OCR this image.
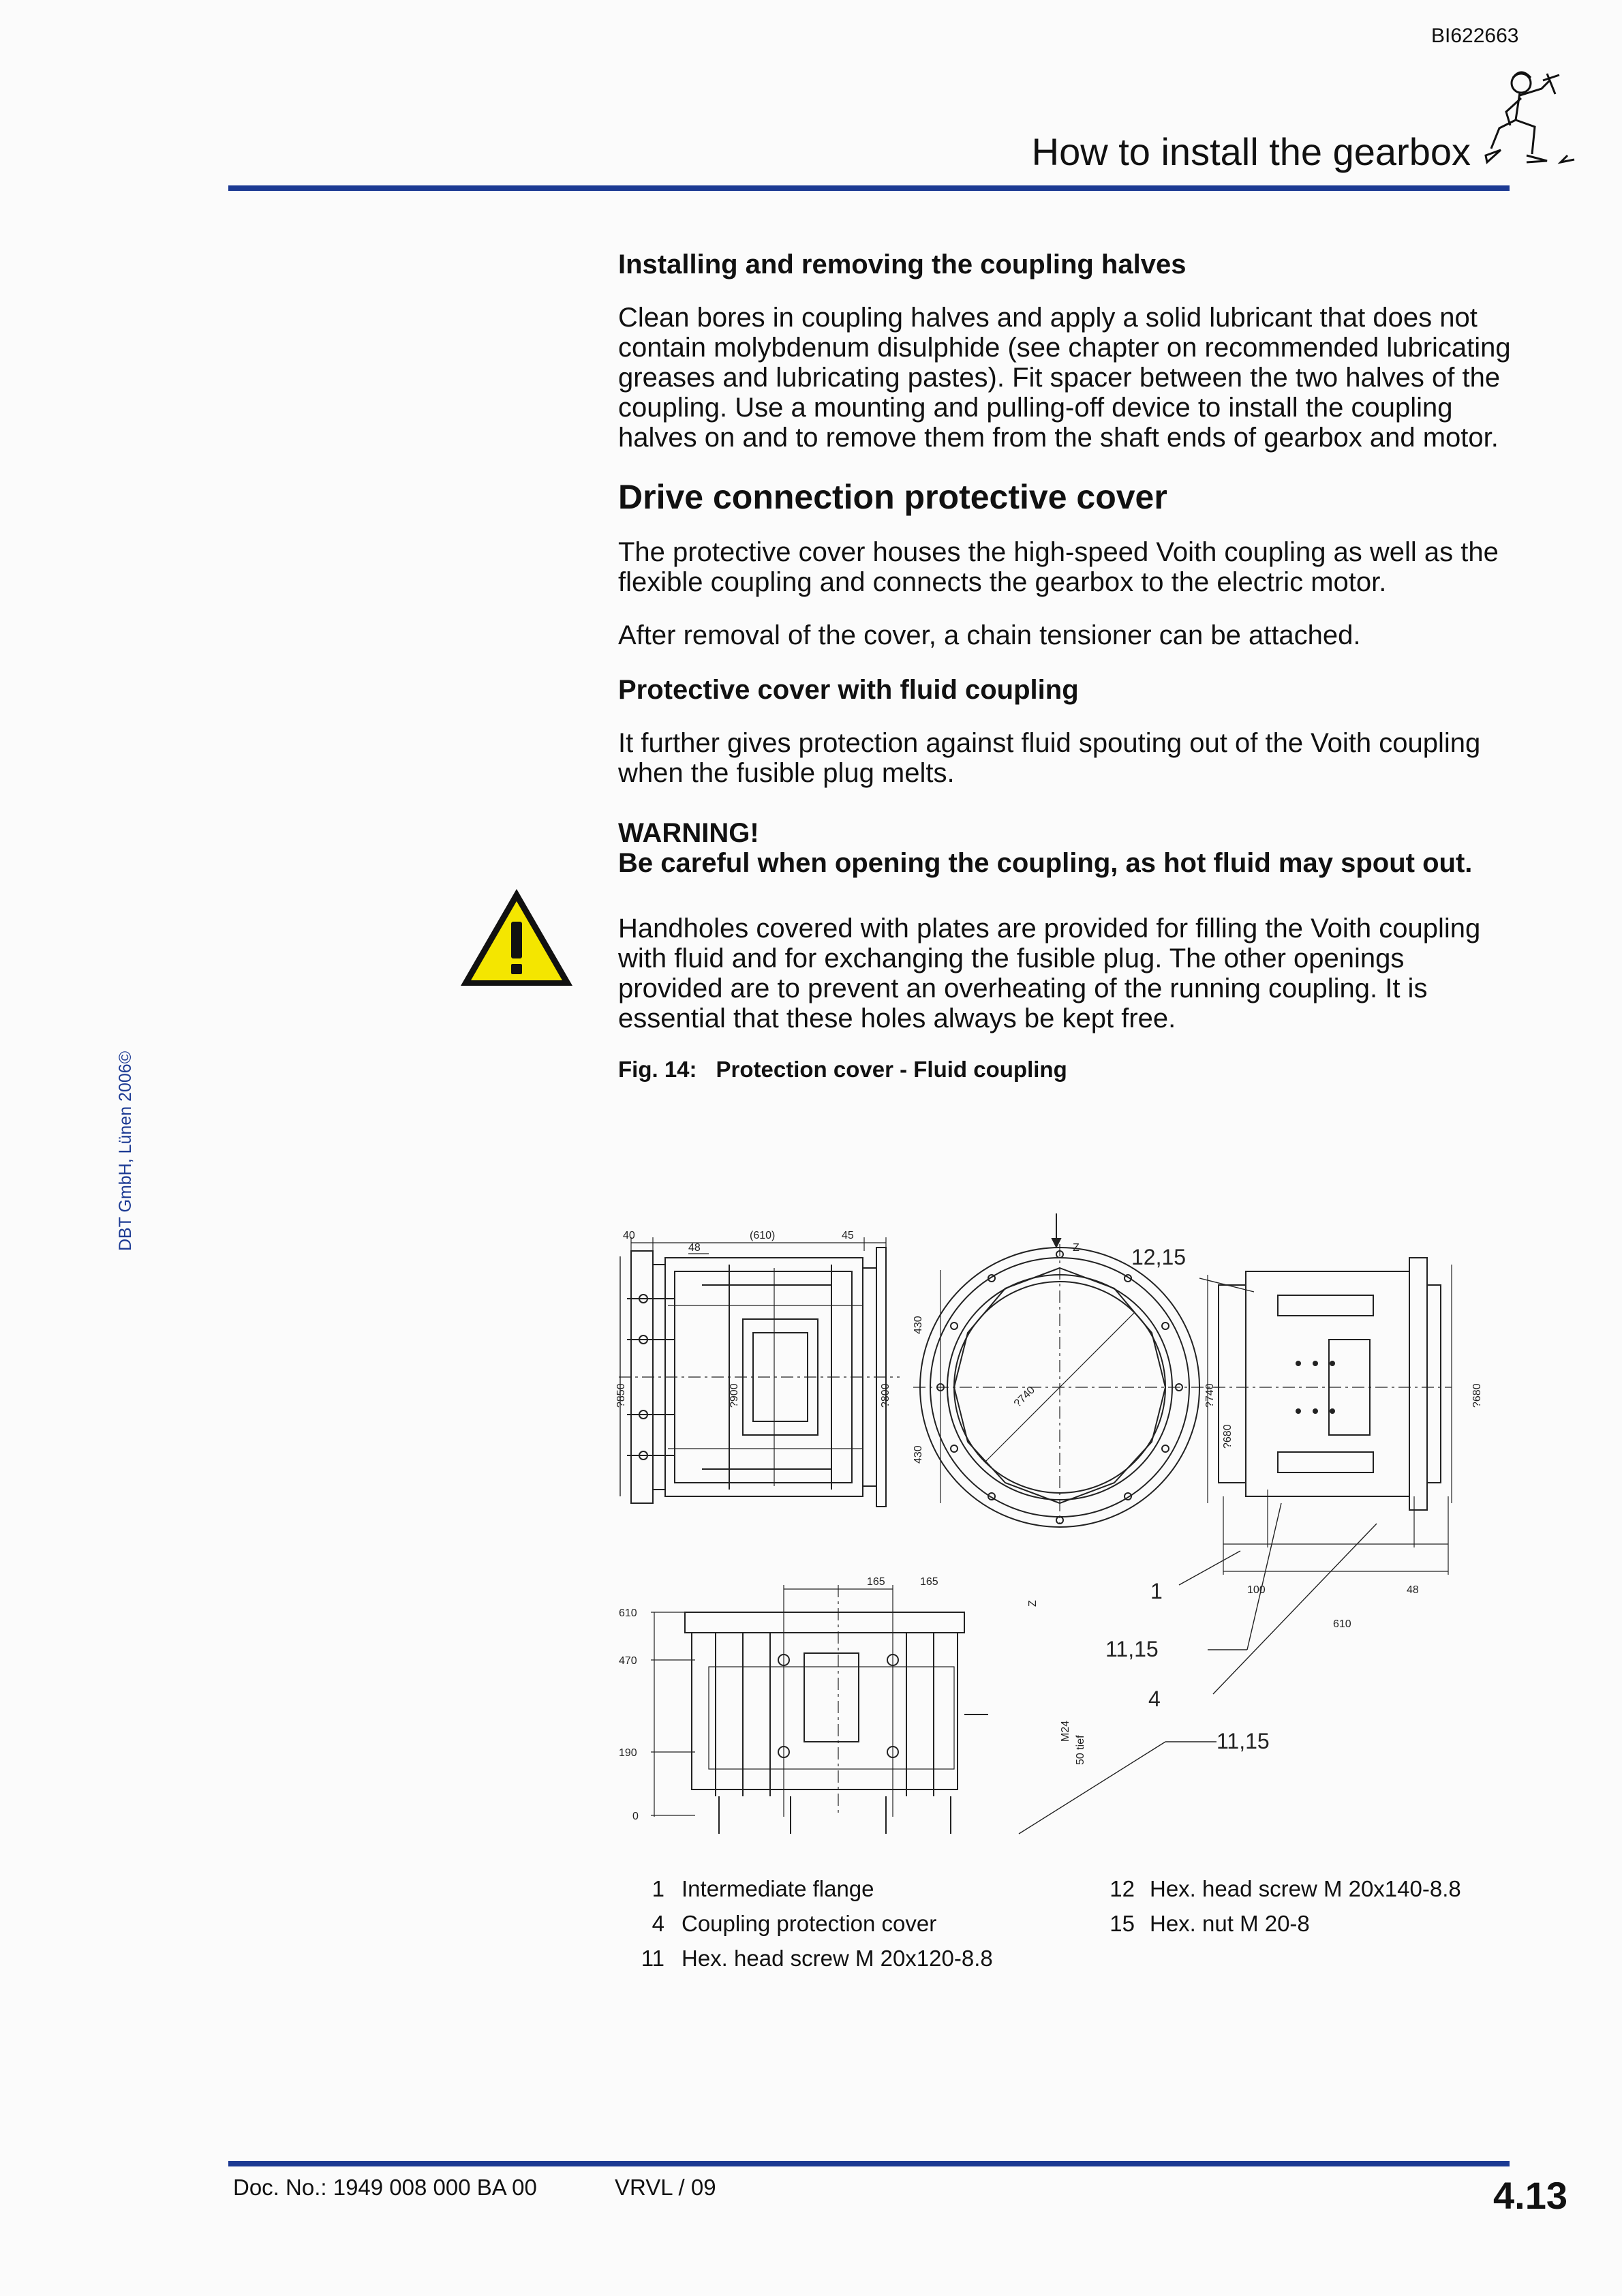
BI622663
How to install the gearbox
DBT GmbH, Lünen 2006©
Installing and removing the coupling halves

Clean bores in coupling halves and apply a solid lubricant that does not contain molybdenum disulphide (see chapter on recommended lubricating greases and lubricating pastes). Fit spacer between the two halves of the coupling. Use a mounting and pulling-off device to install the coupling halves on and to remove them from the shaft ends of gearbox and motor.

Drive connection protective cover

The protective cover houses the high-speed Voith coupling as well as the flexible coupling and connects the gearbox to the electric motor.

After removal of the cover, a chain tensioner can be attached.

Protective cover with fluid coupling

It further gives protection against fluid spouting out of the Voith coupling when the fusible plug melts.

WARNING!
Be careful when opening the coupling, as hot fluid may spout out.

Handholes covered with plates are provided for filling the Voith coupling with fluid and for exchanging the fusible plug. The other openings provided are to prevent an overheating of the running coupling. It is essential that these holes always be kept free.

Fig. 14: Protection cover - Fluid coupling
12,15
1
11,15
4
11,15
40	(610)	45
48
?850	?900	?800
430
430
Z
?740	?740
?680
?680
100	48
610
165	165
Z
610
470
190
0
M24
50 tief
1 Intermediate flange
4 Coupling protection cover
11 Hex. head screw M 20x120-8.8
12 Hex. head screw M 20x140-8.8
15 Hex. nut M 20-8
Doc. No.: 1949 008 000 BA 00	VRVL / 09	4.13
